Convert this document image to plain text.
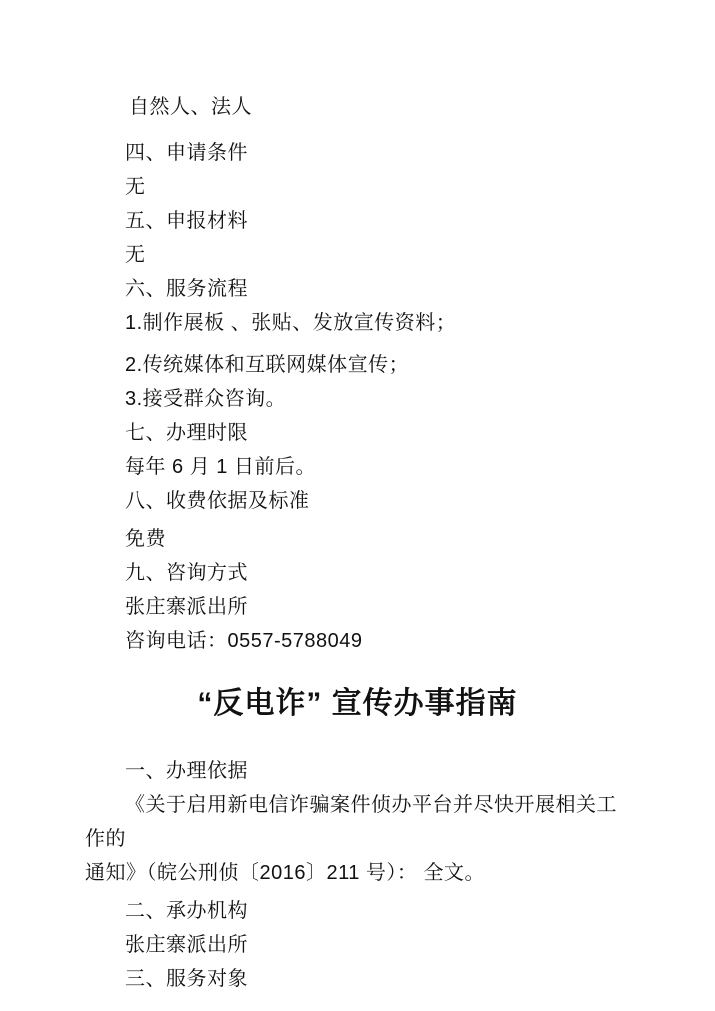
自然人、法人
四、申请条件
无
五、申报材料
无
六、服务流程
1.制作展板 、张贴、发放宣传资料；
2.传统媒体和互联网媒体宣传；
3.接受群众咨询。
七、办理时限
每年 6 月 1 日前后。
八、收费依据及标准
免费
九、咨询方式
张庄寨派出所
咨询电话：0557-5788049
“反电诈” 宣传办事指南
一、办理依据
《关于启用新电信诈骗案件侦办平台并尽快开展相关工作的
通知》（皖公刑侦〔2016〕211 号）： 全文。
二、承办机构
张庄寨派出所
三、服务对象
